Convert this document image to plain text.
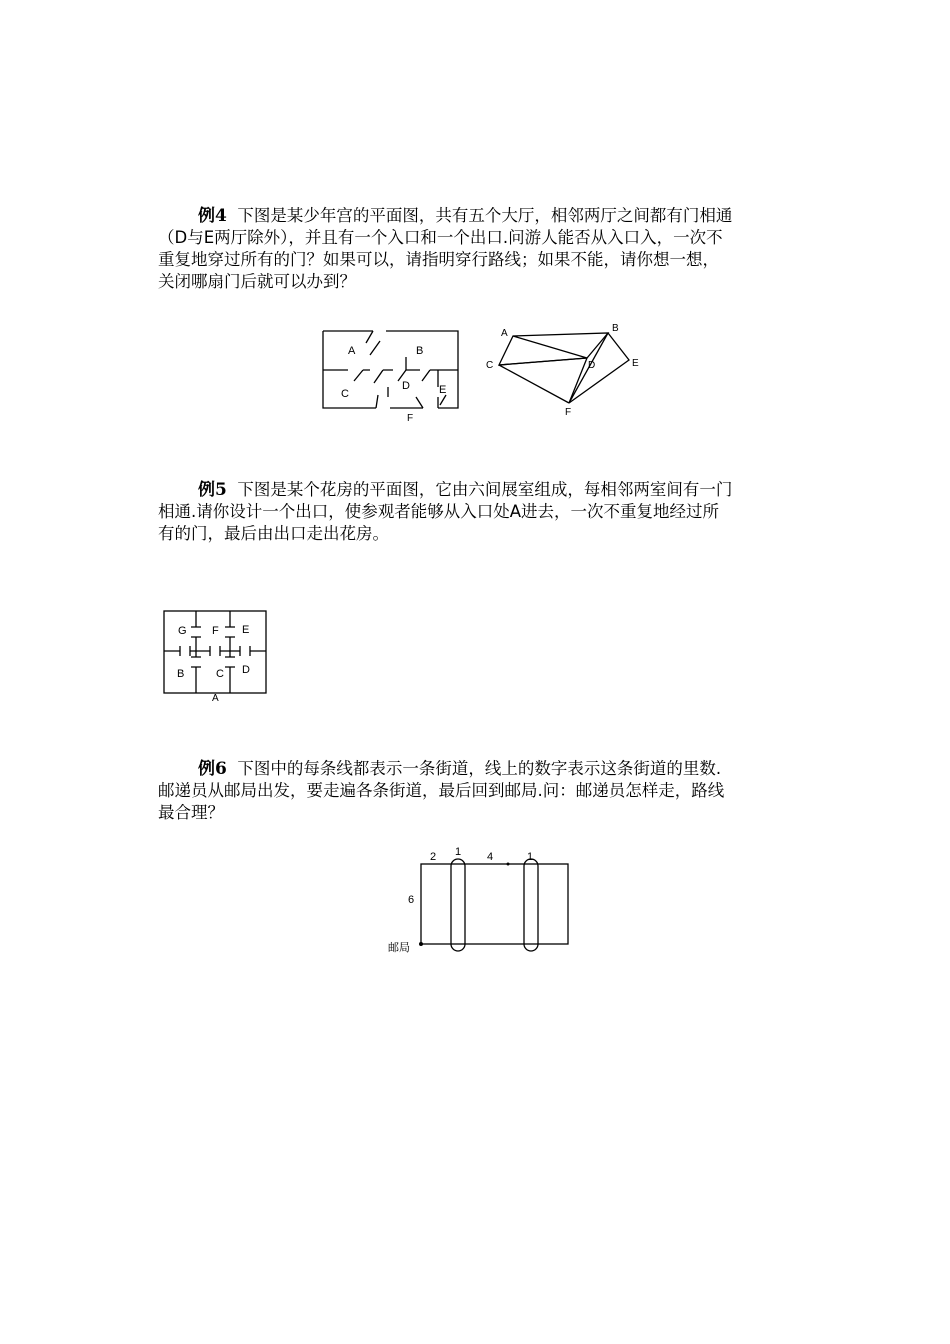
例4 下图是某少年宫的平面图，共有五个大厅，相邻两厅之间都有门相通
（D与E两厅除外），并且有一个入口和一个出口.问游人能否从入口入，一次不
重复地穿过所有的门？如果可以，请指明穿行路线；如果不能，请你想一想，
关闭哪扇门后就可以办到？
A	B
C
D	E
F
A	B
C	D	E
F
例5 下图是某个花房的平面图，它由六间展室组成，每相邻两室间有一门
相通.请你设计一个出口，使参观者能够从入口处A进去，一次不重复地经过所
有的门，最后由出口走出花房。
G F E
B	C D
A
例6 下图中的每条线都表示一条街道，线上的数字表示这条街道的里数.
邮递员从邮局出发，要走遍各条街道，最后回到邮局.问：邮递员怎样走，路线
最合理？
2 1 4	1
6
邮局
